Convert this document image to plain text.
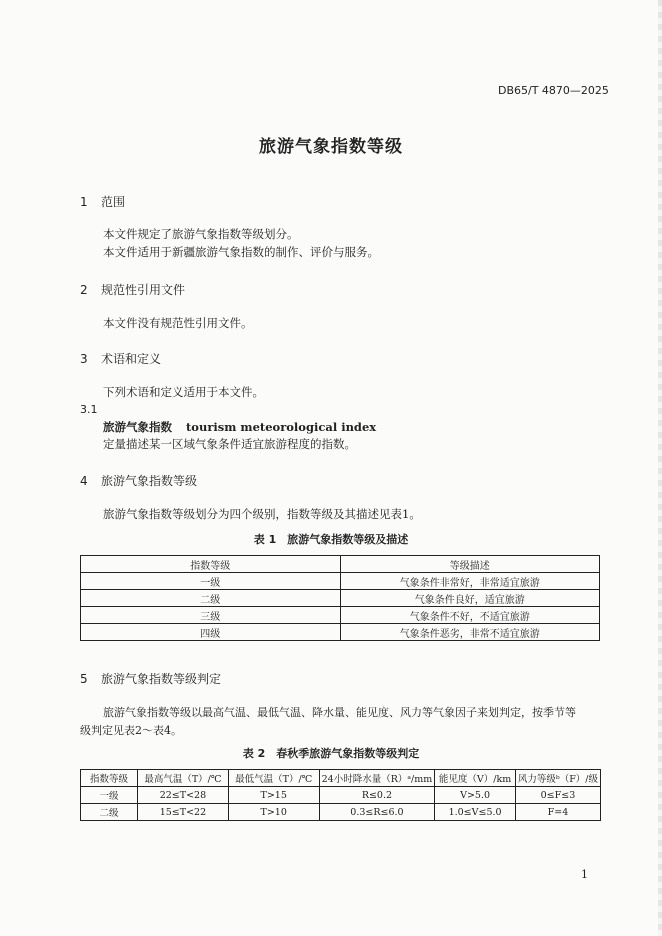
DB65/T 4870—2025
旅游气象指数等级
1 范围
本文件规定了旅游气象指数等级划分。
本文件适用于新疆旅游气象指数的制作、评价与服务。
2 规范性引用文件
本文件没有规范性引用文件。
3 术语和定义
下列术语和定义适用于本文件。
3.1
旅游气象指数 tourism meteorological index
定量描述某一区域气象条件适宜旅游程度的指数。
4 旅游气象指数等级
旅游气象指数等级划分为四个级别，指数等级及其描述见表1。
表 1　旅游气象指数等级及描述
指数等级	等级描述
一级	气象条件非常好，非常适宜旅游
二级	气象条件良好，适宜旅游
三级	气象条件不好，不适宜旅游
四级	气象条件恶劣，非常不适宜旅游
5 旅游气象指数等级判定
旅游气象指数等级以最高气温、最低气温、降水量、能见度、风力等气象因子来划判定，按季节等
级判定见表2～表4。
表 2　春秋季旅游气象指数等级判定
指数等级	最高气温（T）/℃	最低气温（T）/℃	24小时降水量（R）ᵃ/mm	能见度（V）/km	风力等级ᵇ（F）/级
一级	22≤T<28	T>15	R≤0.2	V>5.0	0≤F≤3
二级	15≤T<22	T>10	0.3≤R≤6.0	1.0≤V≤5.0	F=4
1
